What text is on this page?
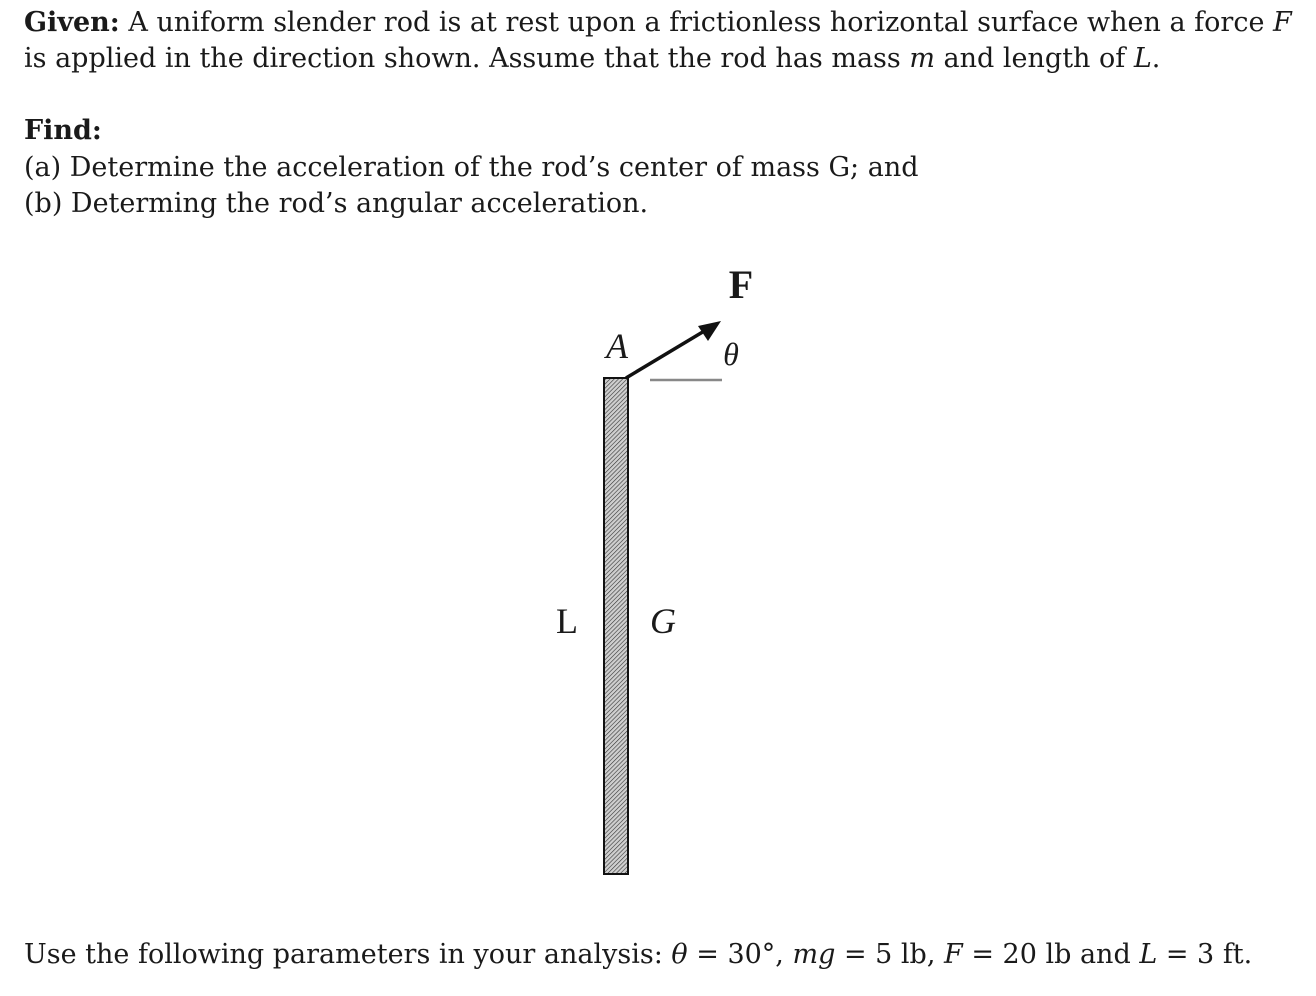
Given: A uniform slender rod is at rest upon a frictionless horizontal surface when a force F is applied in the direction shown. Assume that the rod has mass m and length of L.

Find:

(a) Determine the acceleration of the rod’s center of mass G; and

(b) Determing the rod’s angular acceleration.

F
A	θ
L G

Use the following parameters in your analysis: θ = 30°, mg = 5 lb, F = 20 lb and L = 3 ft.
